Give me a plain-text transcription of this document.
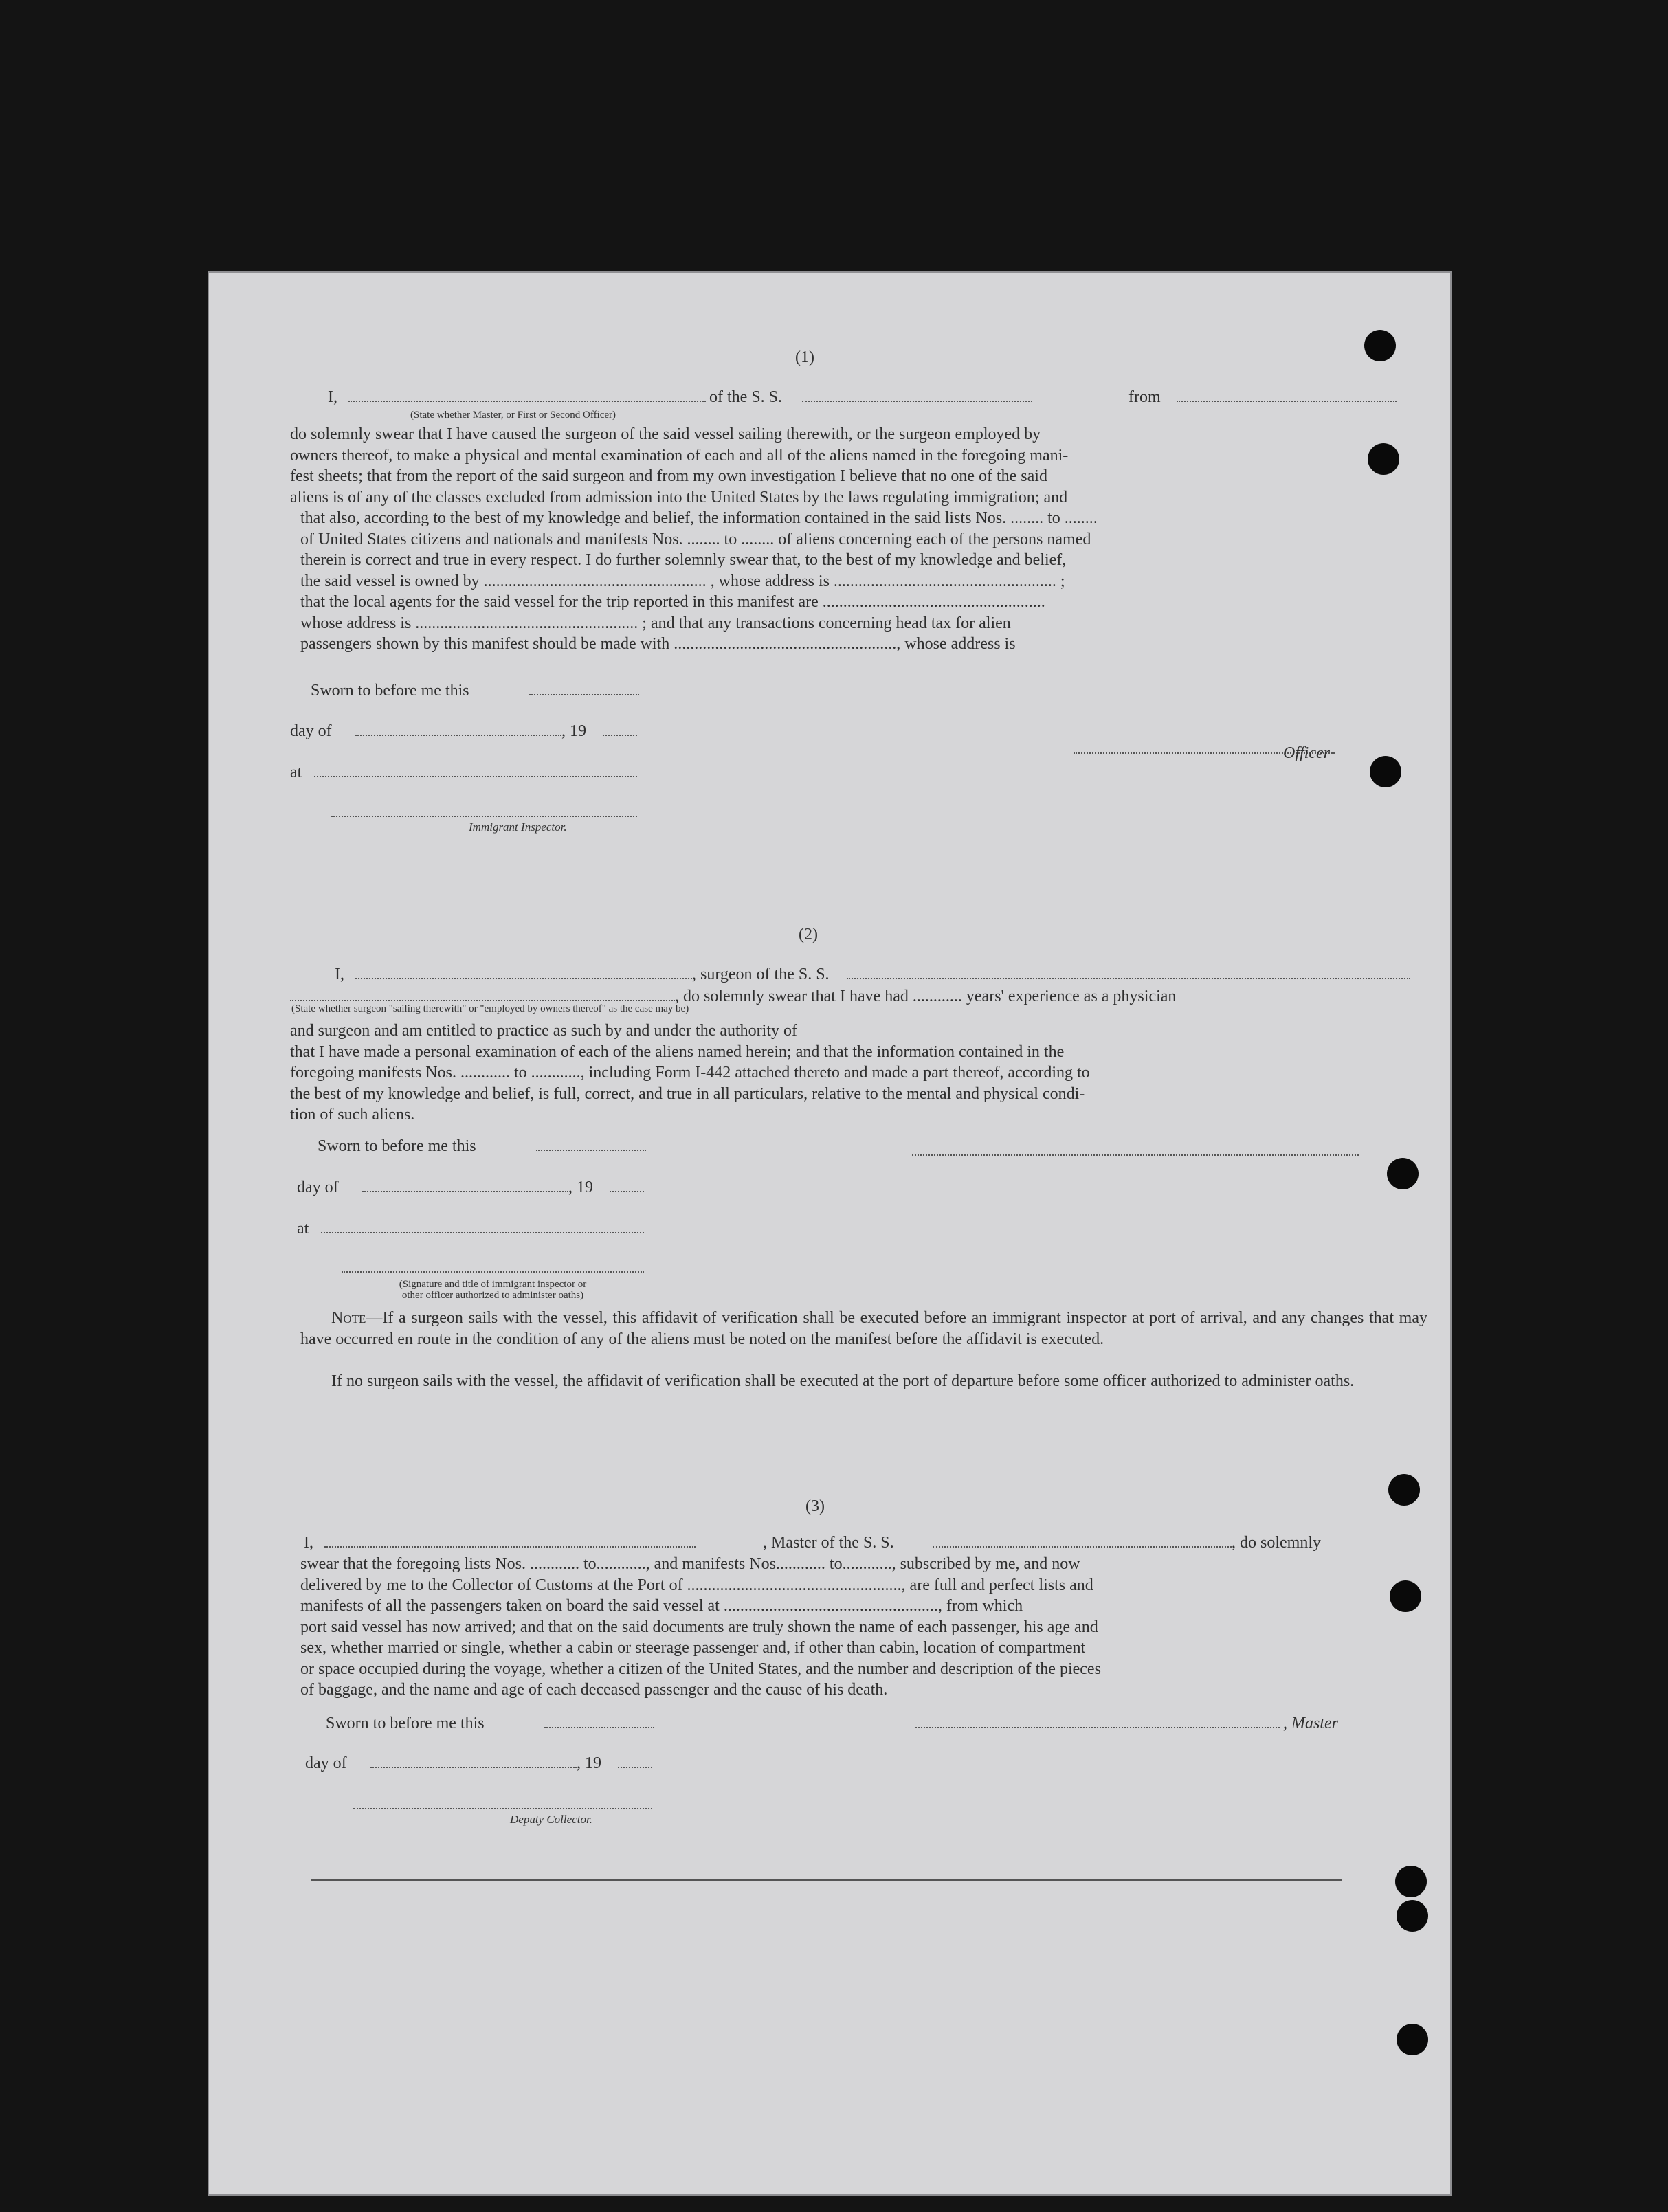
(1)
I,	of the S. S.	from
(State whether Master, or First or Second Officer)
do solemnly swear that I have caused the surgeon of the said vessel sailing therewith, or the surgeon employed by
owners thereof, to make a physical and mental examination of each and all of the aliens named in the foregoing mani-
fest sheets; that from the report of the said surgeon and from my own investigation I believe that no one of the said
aliens is of any of the classes excluded from admission into the United States by the laws regulating immigration; and
that also, according to the best of my knowledge and belief, the information contained in the said lists Nos. ........ to ........
of United States citizens and nationals and manifests Nos. ........ to ........ of aliens concerning each of the persons named
therein is correct and true in every respect. I do further solemnly swear that, to the best of my knowledge and belief,
the said vessel is owned by ...................................................... , whose address is ...................................................... ;
that the local agents for the said vessel for the trip reported in this manifest are ......................................................
whose address is ...................................................... ; and that any transactions concerning head tax for alien
passengers shown by this manifest should be made with ......................................................, whose address is
Sworn to before me this
day of	, 19
Officer
at
Immigrant Inspector.
(2)
I,	, surgeon of the S. S.
, do solemnly swear that I have had ............ years' experience as a physician
(State whether surgeon "sailing therewith" or "employed by owners thereof" as the case may be)
and surgeon and am entitled to practice as such by and under the authority of
that I have made a personal examination of each of the aliens named herein; and that the information contained in the
foregoing manifests Nos. ............ to ............, including Form I-442 attached thereto and made a part thereof, according to
the best of my knowledge and belief, is full, correct, and true in all particulars, relative to the mental and physical condi-
tion of such aliens.
Sworn to before me this
day of	, 19
at
(Signature and title of immigrant inspector or
other officer authorized to administer oaths)
Note—If a surgeon sails with the vessel, this affidavit of verification shall be executed before an immigrant inspector at port of arrival, and any changes that may have occurred en route in the condition of any of the aliens must be noted on the manifest before the affidavit is executed.
If no surgeon sails with the vessel, the affidavit of verification shall be executed at the port of departure before some officer authorized to administer oaths.
(3)
I,	, Master of the S. S.	, do solemnly
swear that the foregoing lists Nos. ............ to............, and manifests Nos............ to............, subscribed by me, and now
delivered by me to the Collector of Customs at the Port of ...................................................., are full and perfect lists and
manifests of all the passengers taken on board the said vessel at ...................................................., from which
port said vessel has now arrived; and that on the said documents are truly shown the name of each passenger, his age and
sex, whether married or single, whether a cabin or steerage passenger and, if other than cabin, location of compartment
or space occupied during the voyage, whether a citizen of the United States, and the number and description of the pieces
of baggage, and the name and age of each deceased passenger and the cause of his death.
Sworn to before me this	, Master
day of	, 19
Deputy Collector.
